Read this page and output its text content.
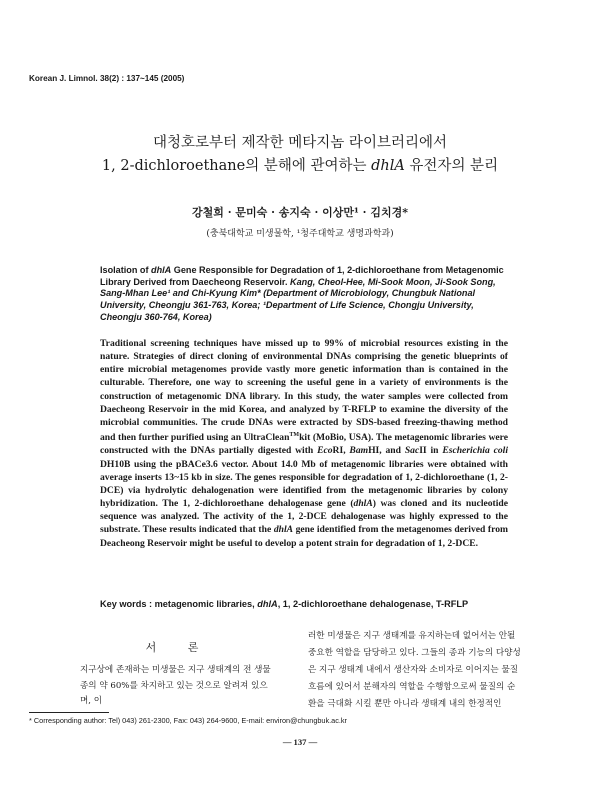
Korean J. Limnol. 38(2) : 137~145 (2005)
대청호로부터 제작한 메타지놈 라이브러리에서
1, 2-dichloroethane의 분해에 관여하는 dhlA 유전자의 분리
강철희 · 문미숙 · 송지숙 · 이상만¹ · 김치경*
(충북대학교 미생물학, ¹청주대학교 생명과학과)
Isolation of dhlA Gene Responsible for Degradation of 1, 2-dichloroethane from Metagenomic Library Derived from Daecheong Reservoir. Kang, Cheol-Hee, Mi-Sook Moon, Ji-Sook Song, Sang-Mhan Lee¹ and Chi-Kyung Kim* (Department of Microbiology, Chungbuk National University, Cheongju 361-763, Korea; ¹Department of Life Science, Chongju University, Cheongju 360-764, Korea)

Traditional screening techniques have missed up to 99% of microbial resources existing in the nature. Strategies of direct cloning of environmental DNAs comprising the genetic blueprints of entire microbial metagenomes provide vastly more genetic information than is contained in the culturable. Therefore, one way to screening the useful gene in a variety of environments is the construction of metagenomic DNA library. In this study, the water samples were collected from Daecheong Reservoir in the mid Korea, and analyzed by T-RFLP to examine the diversity of the microbial communities. The crude DNAs were extracted by SDS-based freezing-thawing method and then further purified using an UltraClean™kit (MoBio, USA). The metagenomic libraries were constructed with the DNAs partially digested with EcoRI, BamHI, and SacII in Escherichia coli DH10B using the pBACe3.6 vector. About 14.0 Mb of metagenomic libraries were obtained with average inserts 13~15 kb in size. The genes responsible for degradation of 1, 2-dichloroethane (1, 2-DCE) via hydrolytic dehalogenation were identified from the metagenomic libraries by colony hybridization. The 1, 2-dichloroethane dehalogenase gene (dhlA) was cloned and its nucleotide sequence was analyzed. The activity of the 1, 2-DCE dehalogenase was highly expressed to the substrate. These results indicated that the dhlA gene identified from the metagenomes derived from Deacheong Reservoir might be useful to develop a potent strain for degradation of 1, 2-DCE.

Key words : metagenomic libraries, dhlA, 1, 2-dichloroethane dehalogenase, T-RFLP
서 론

지구상에 존재하는 미생물은 지구 생태계의 전 생물종의 약 60%를 차지하고 있는 것으로 알려져 있으며, 이

러한 미생물은 지구 생태계를 유지하는데 없어서는 안될 중요한 역할을 담당하고 있다. 그들의 종과 기능의 다양성은 지구 생태계 내에서 생산자와 소비자로 이어지는 물질흐름에 있어서 분해자의 역할을 수행함으로써 물질의 순환을 극대화 시킬 뿐만 아니라 생태계 내의 한정적인

* Corresponding author: Tel) 043) 261-2300, Fax: 043) 264-9600, E-mail: environ@chungbuk.ac.kr
— 137 —
